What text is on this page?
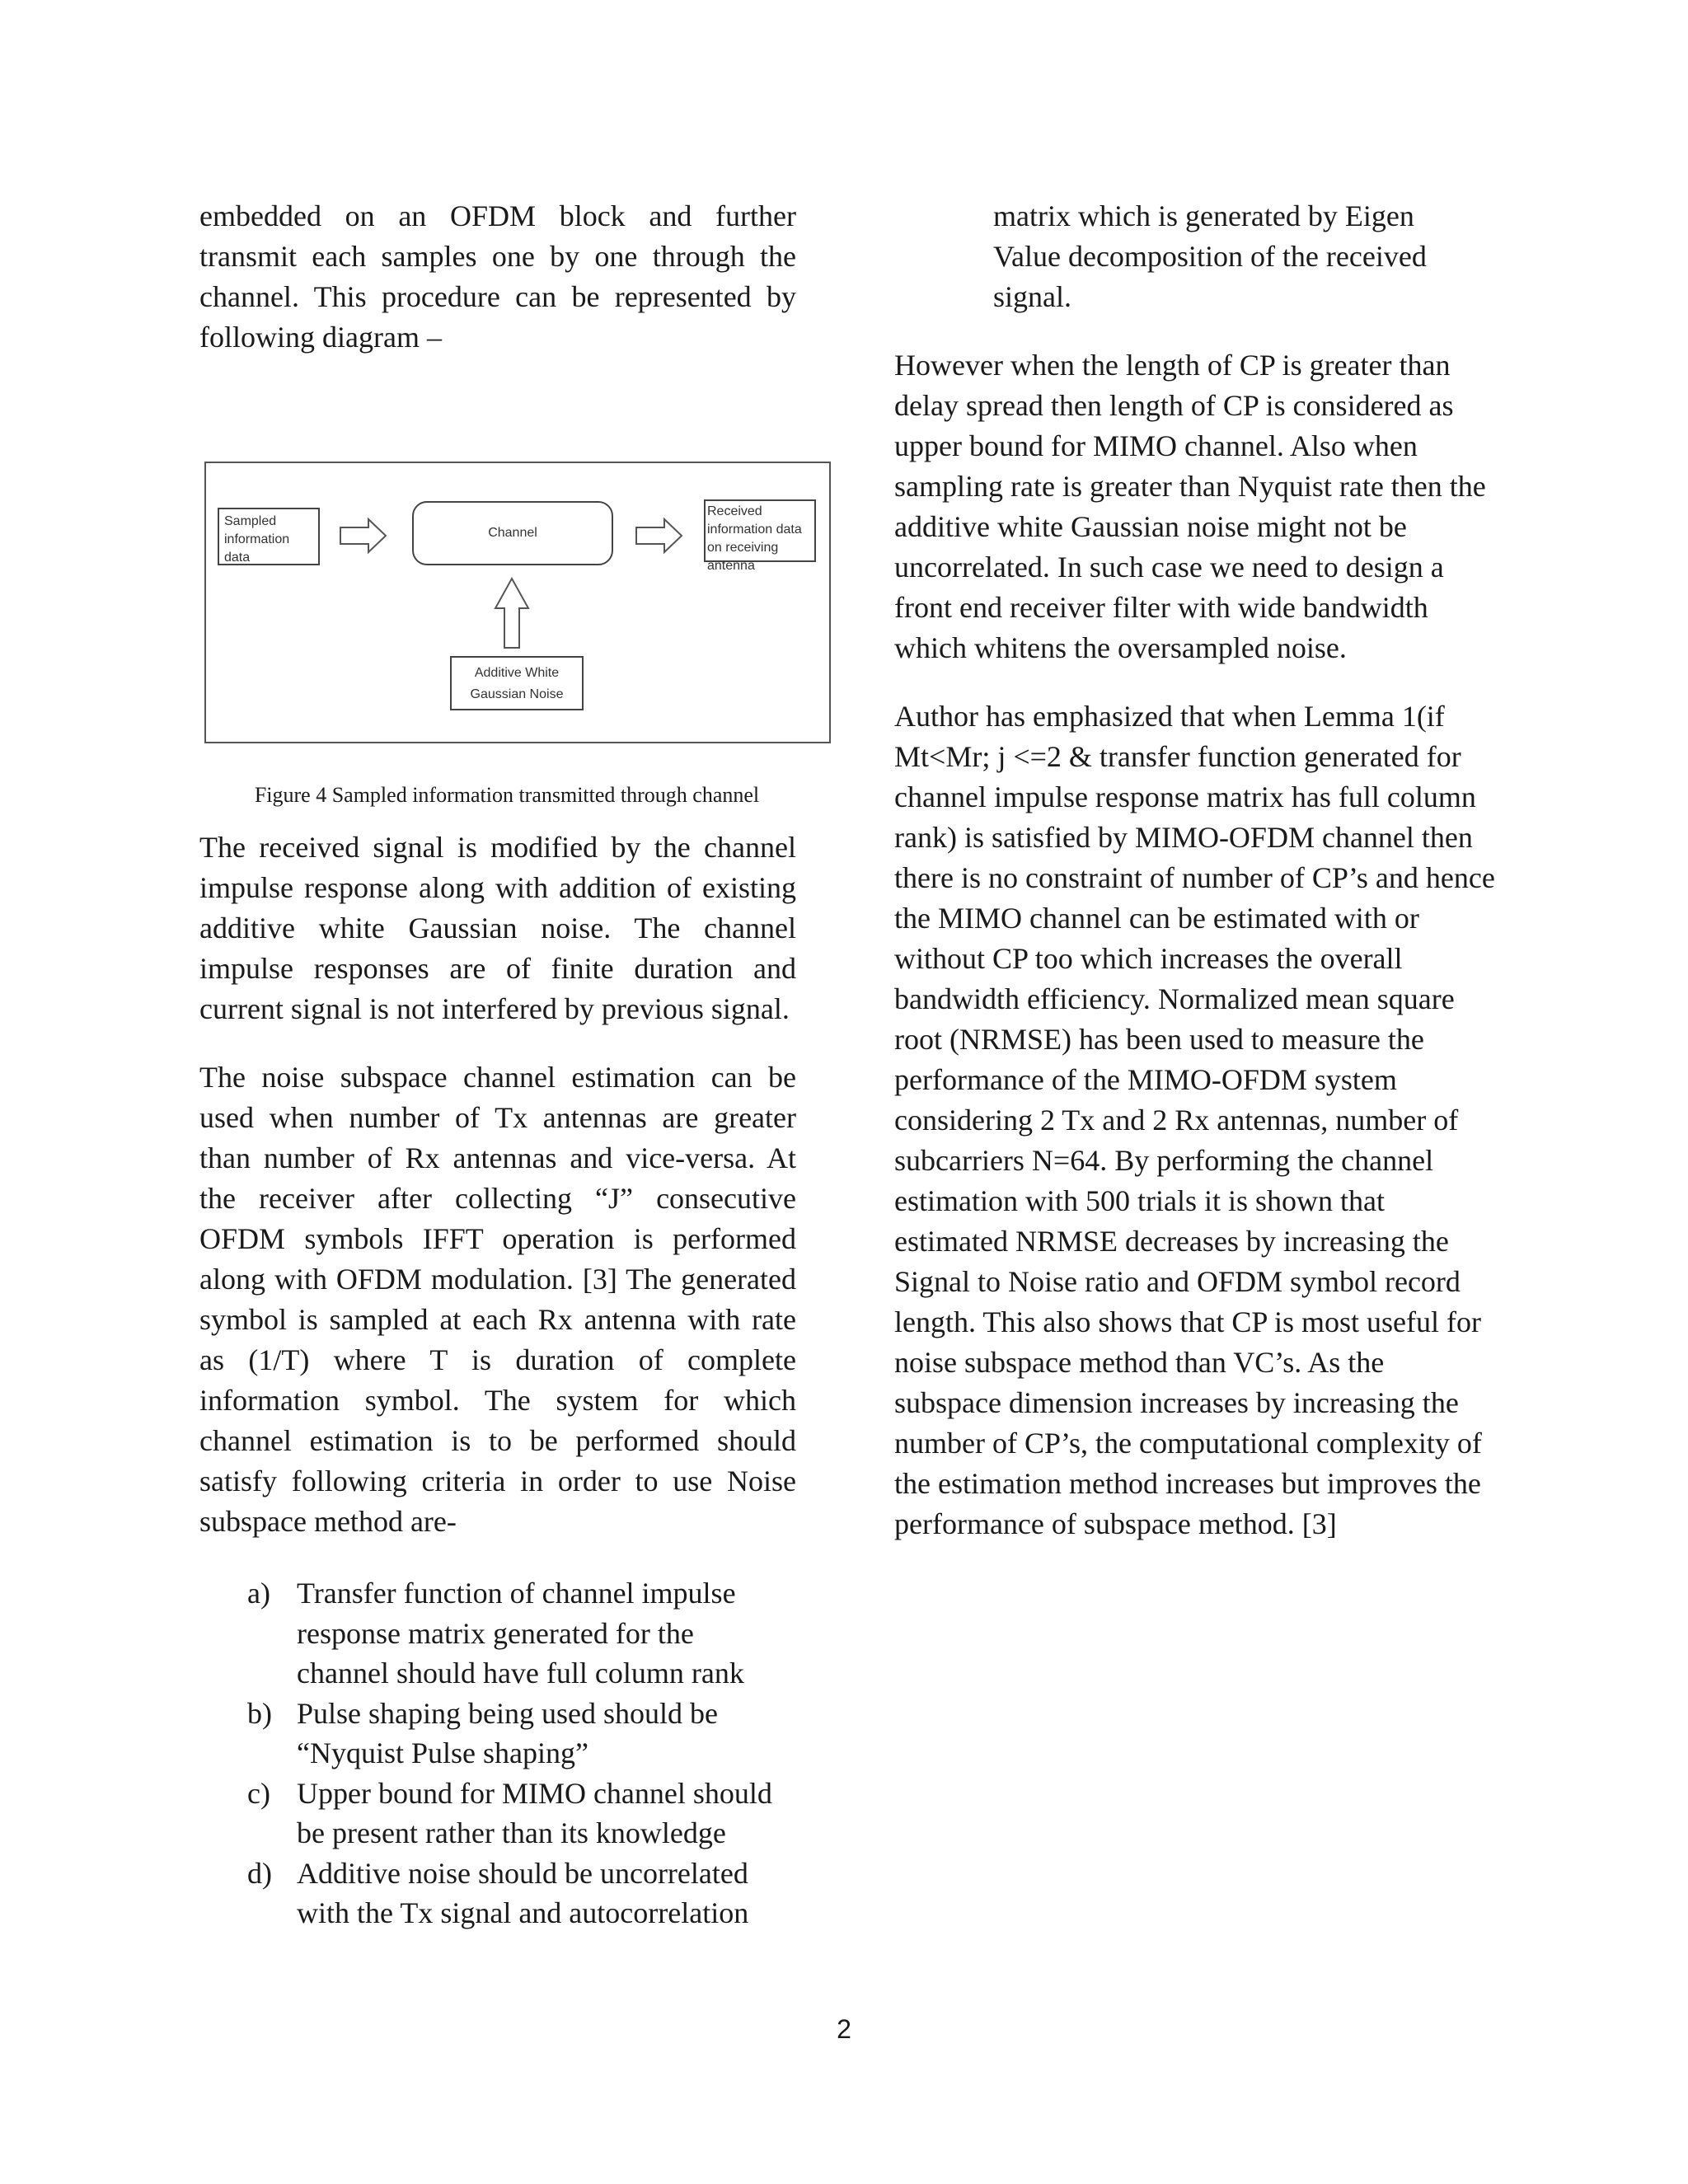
embedded on an OFDM block and further transmit each samples one by one through the channel. This procedure can be represented by following diagram –

Sampled information data
Channel
Received information data on receiving antenna
Additive White Gaussian Noise
Figure 4 Sampled information transmitted through channel

The received signal is modified by the channel impulse response along with addition of existing additive white Gaussian noise. The channel impulse responses are of finite duration and current signal is not interfered by previous signal.

The noise subspace channel estimation can be used when number of Tx antennas are greater than number of Rx antennas and vice-versa. At the receiver after collecting “J” consecutive OFDM symbols IFFT operation is performed along with OFDM modulation. [3] The generated symbol is sampled at each Rx antenna with rate as (1/T) where T is duration of complete information symbol. The system for which channel estimation is to be performed should satisfy following criteria in order to use Noise subspace method are-

a) Transfer function of channel impulse response matrix generated for the channel should have full column rank
b) Pulse shaping being used should be “Nyquist Pulse shaping”
c) Upper bound for MIMO channel should be present rather than its knowledge
d) Additive noise should be uncorrelated with the Tx signal and autocorrelation

matrix which is generated by Eigen Value decomposition of the received signal.

However when the length of CP is greater than delay spread then length of CP is considered as upper bound for MIMO channel. Also when sampling rate is greater than Nyquist rate then the additive white Gaussian noise might not be uncorrelated. In such case we need to design a front end receiver filter with wide bandwidth which whitens the oversampled noise.

Author has emphasized that when Lemma 1(if Mt<Mr; j <=2 & transfer function generated for channel impulse response matrix has full column rank) is satisfied by MIMO-OFDM channel then there is no constraint of number of CP’s and hence the MIMO channel can be estimated with or without CP too which increases the overall bandwidth efficiency. Normalized mean square root (NRMSE) has been used to measure the performance of the MIMO-OFDM system considering 2 Tx and 2 Rx antennas, number of subcarriers N=64. By performing the channel estimation with 500 trials it is shown that estimated NRMSE decreases by increasing the Signal to Noise ratio and OFDM symbol record length. This also shows that CP is most useful for noise subspace method than VC’s. As the subspace dimension increases by increasing the number of CP’s, the computational complexity of the estimation method increases but improves the performance of subspace method. [3]

2
